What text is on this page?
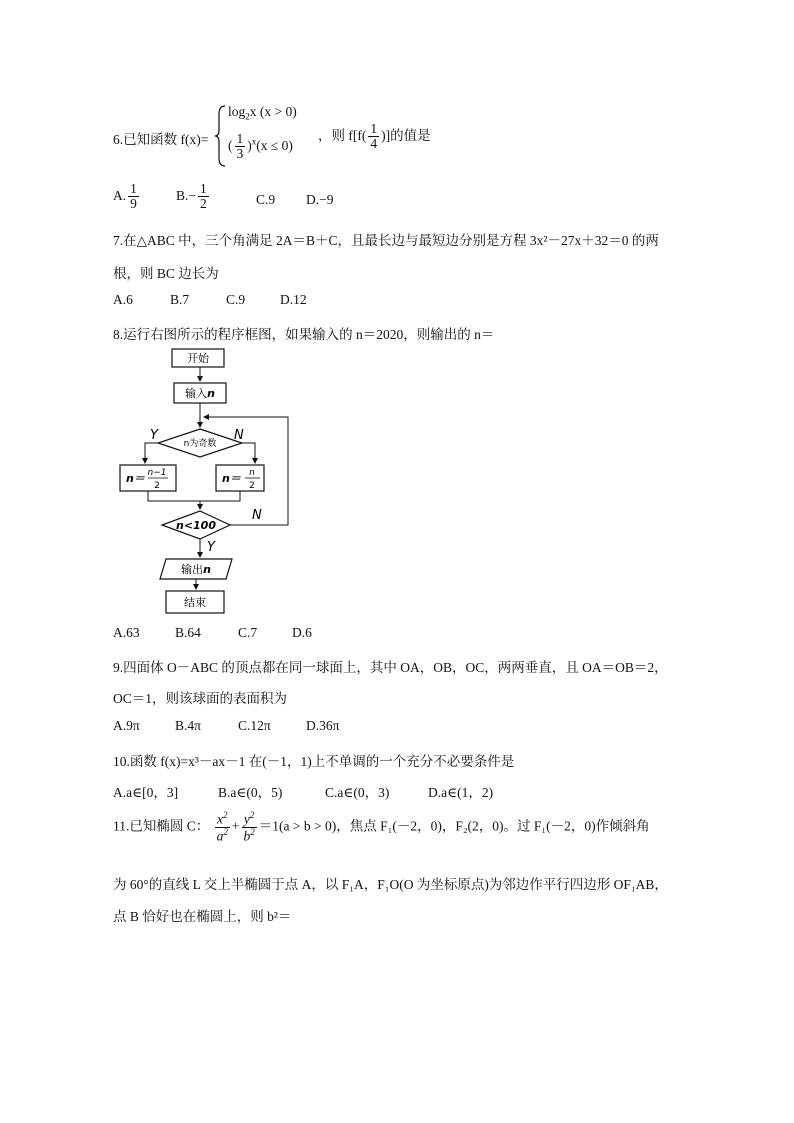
6.已知函数 f(x)=
$\log_2x$ (x > 0)
( $\frac{1}{3} )^x(x \le 0)$
，则 $f[f( \frac{1}{4}$ )]的值是
A. $\frac{1}{9}$	$B.- \frac{1}{2}$	C.9 D.−9
7.在△ABC 中，三个角满足 2A＝B＋C，且最长边与最短边分别是方程 3x²－27x＋32＝0 的两
根，则 BC 边长为
A.6	B.7	C.9	D.12
8.运行右图所示的程序框图，如果输入的 n＝2020，则输出的 n＝
开始
输入n
n为奇数
Y	N
n＝ n−1
2
n＝ n
2
n<100
N
Y
输出n
结束
A.63	B.64	C.7	D.6
9.四面体 O－ABC 的顶点都在同一球面上，其中 OA，OB，OC，两两垂直，且 OA＝OB＝2，
OC＝1，则该球面的表面积为
A.9π	B.4π	C.12π	D.36π
10.函数 f(x)=x³－ax－1 在(－1，1)上不单调的一个充分不必要条件是
A.a∈[0，3]	B.a∈(0，5)	C.a∈(0，3)	D.a∈(1，2)
11.已知椭圆 C： $\frac{x^2}{a^2} + \frac{y^2}{b^2} =1(a > b > 0)$，焦点 F₁(－2，0)，F₂(2，0)。过 F₁(－2，0)作倾斜角
为 60°的直线 L 交上半椭圆于点 A，以 F₁A，F₁O(O 为坐标原点)为邻边作平行四边形 OF₁AB，
点 B 恰好也在椭圆上，则 b²＝
